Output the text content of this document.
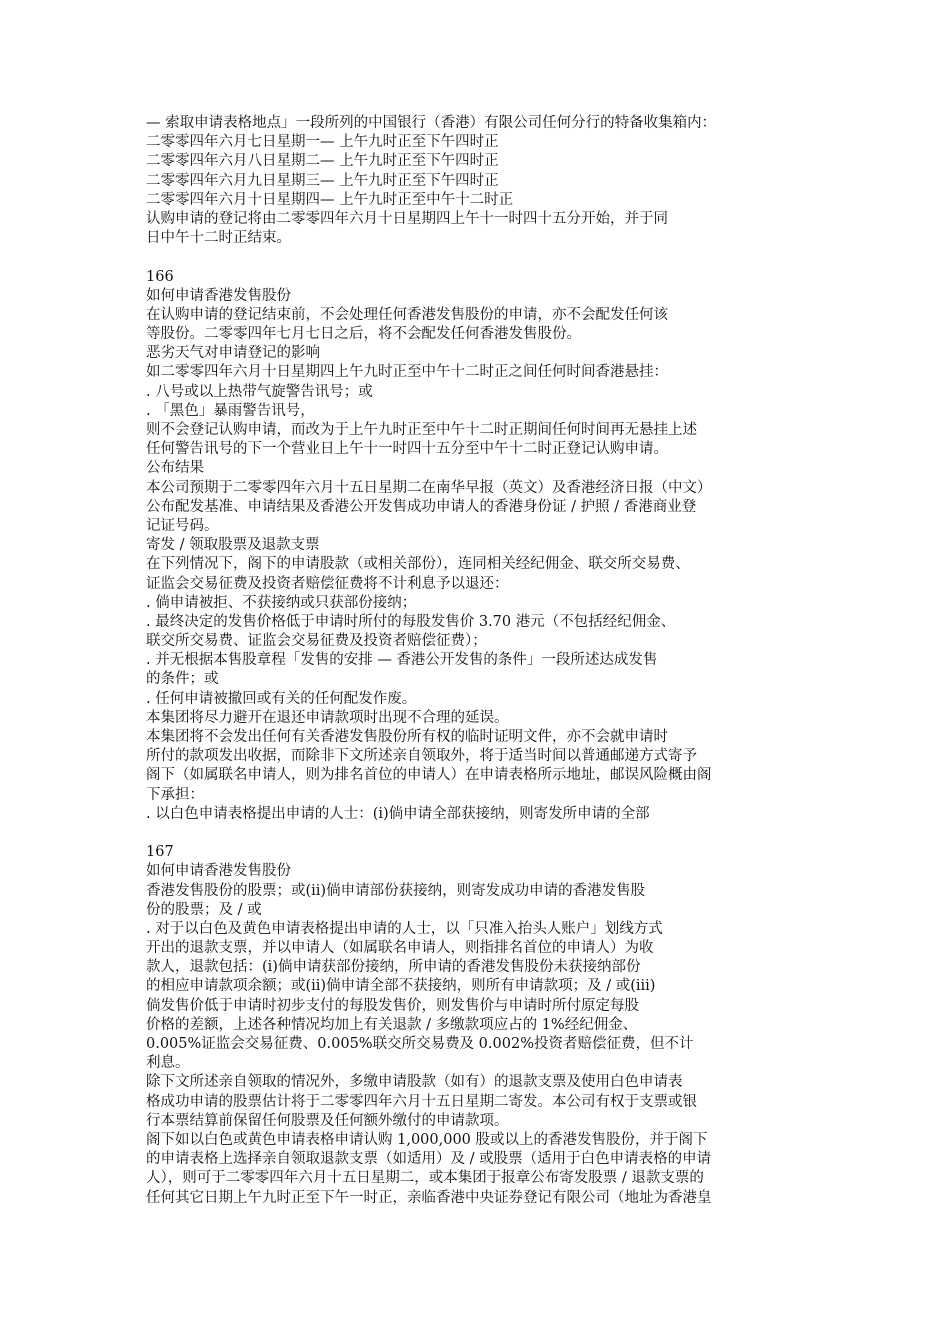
— 索取申请表格地点」一段所列的中国银行（香港）有限公司任何分行的特备收集箱内：
二零零四年六月七日星期一— 上午九时正至下午四时正
二零零四年六月八日星期二— 上午九时正至下午四时正
二零零四年六月九日星期三— 上午九时正至下午四时正
二零零四年六月十日星期四— 上午九时正至中午十二时正
认购申请的登记将由二零零四年六月十日星期四上午十一时四十五分开始，并于同
日中午十二时正结束。
166
如何申请香港发售股份
在认购申请的登记结束前，不会处理任何香港发售股份的申请，亦不会配发任何该
等股份。二零零四年七月七日之后，将不会配发任何香港发售股份。
恶劣天气对申请登记的影响
如二零零四年六月十日星期四上午九时正至中午十二时正之间任何时间香港悬挂：
. 八号或以上热带气旋警告讯号；或
. 「黑色」暴雨警告讯号，
则不会登记认购申请，而改为于上午九时正至中午十二时正期间任何时间再无悬挂上述
任何警告讯号的下一个营业日上午十一时四十五分至中午十二时正登记认购申请。
公布结果
本公司预期于二零零四年六月十五日星期二在南华早报（英文）及香港经济日报（中文）
公布配发基准、申请结果及香港公开发售成功申请人的香港身份证 / 护照 / 香港商业登
记证号码。
寄发 / 领取股票及退款支票
在下列情况下，阁下的申请股款（或相关部份），连同相关经纪佣金、联交所交易费、
证监会交易征费及投资者赔偿征费将不计利息予以退还：
. 倘申请被拒、不获接纳或只获部份接纳；
. 最终决定的发售价格低于申请时所付的每股发售价 3.70 港元（不包括经纪佣金、
联交所交易费、证监会交易征费及投资者赔偿征费）；
. 并无根据本售股章程「发售的安排 — 香港公开发售的条件」一段所述达成发售
的条件；或
. 任何申请被撤回或有关的任何配发作废。
本集团将尽力避开在退还申请款项时出现不合理的延误。
本集团将不会发出任何有关香港发售股份所有权的临时证明文件，亦不会就申请时
所付的款项发出收据，而除非下文所述亲自领取外，将于适当时间以普通邮递方式寄予
阁下（如属联名申请人，则为排名首位的申请人）在申请表格所示地址，邮误风险概由阁
下承担：
. 以白色申请表格提出申请的人士：(i)倘申请全部获接纳，则寄发所申请的全部
167
如何申请香港发售股份
香港发售股份的股票；或(ii)倘申请部份获接纳，则寄发成功申请的香港发售股
份的股票；及 / 或
. 对于以白色及黄色申请表格提出申请的人士，以「只准入抬头人账户」划线方式
开出的退款支票，并以申请人（如属联名申请人，则指排名首位的申请人）为收
款人，退款包括：(i)倘申请获部份接纳，所申请的香港发售股份未获接纳部份
的相应申请款项余额；或(ii)倘申请全部不获接纳，则所有申请款项；及 / 或(iii)
倘发售价低于申请时初步支付的每股发售价，则发售价与申请时所付原定每股
价格的差额，上述各种情况均加上有关退款 / 多缴款项应占的 1%经纪佣金、
0.005%证监会交易征费、0.005%联交所交易费及 0.002%投资者赔偿征费，但不计
利息。
除下文所述亲自领取的情况外，多缴申请股款（如有）的退款支票及使用白色申请表
格成功申请的股票估计将于二零零四年六月十五日星期二寄发。本公司有权于支票或银
行本票结算前保留任何股票及任何额外缴付的申请款项。
阁下如以白色或黄色申请表格申请认购 1,000,000 股或以上的香港发售股份，并于阁下
的申请表格上选择亲自领取退款支票（如适用）及 / 或股票（适用于白色申请表格的申请
人），则可于二零零四年六月十五日星期二，或本集团于报章公布寄发股票 / 退款支票的
任何其它日期上午九时正至下午一时正，亲临香港中央证券登记有限公司（地址为香港皇
